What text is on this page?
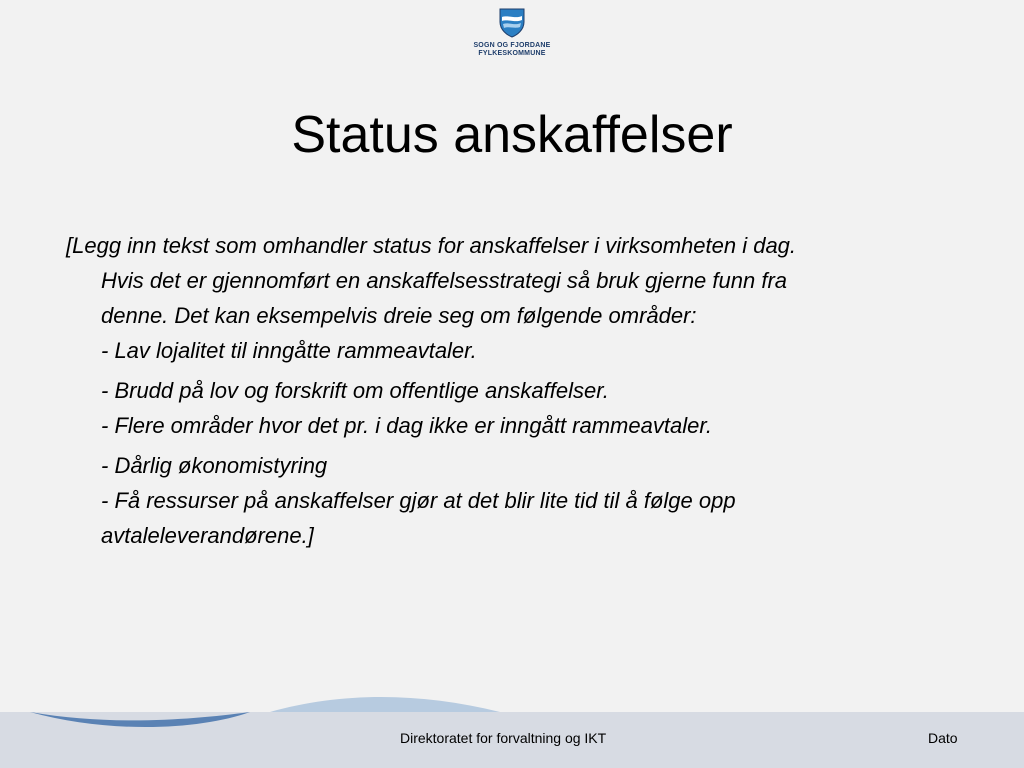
SOGN OG FJORDANE
FYLKESKOMMUNE
Status anskaffelser
[Legg inn tekst som omhandler status for anskaffelser i virksomheten i dag.
Hvis det er gjennomført en anskaffelsesstrategi så bruk gjerne funn fra
denne. Det kan eksempelvis dreie seg om følgende områder:
- Lav lojalitet til inngåtte rammeavtaler.
- Brudd på lov og forskrift om offentlige anskaffelser.
- Flere områder hvor det pr. i dag ikke er inngått rammeavtaler.
- Dårlig økonomistyring
- Få ressurser på anskaffelser gjør at det blir lite tid til å følge opp
avtaleleverandørene.]
Direktoratet for forvaltning og IKT	Dato
